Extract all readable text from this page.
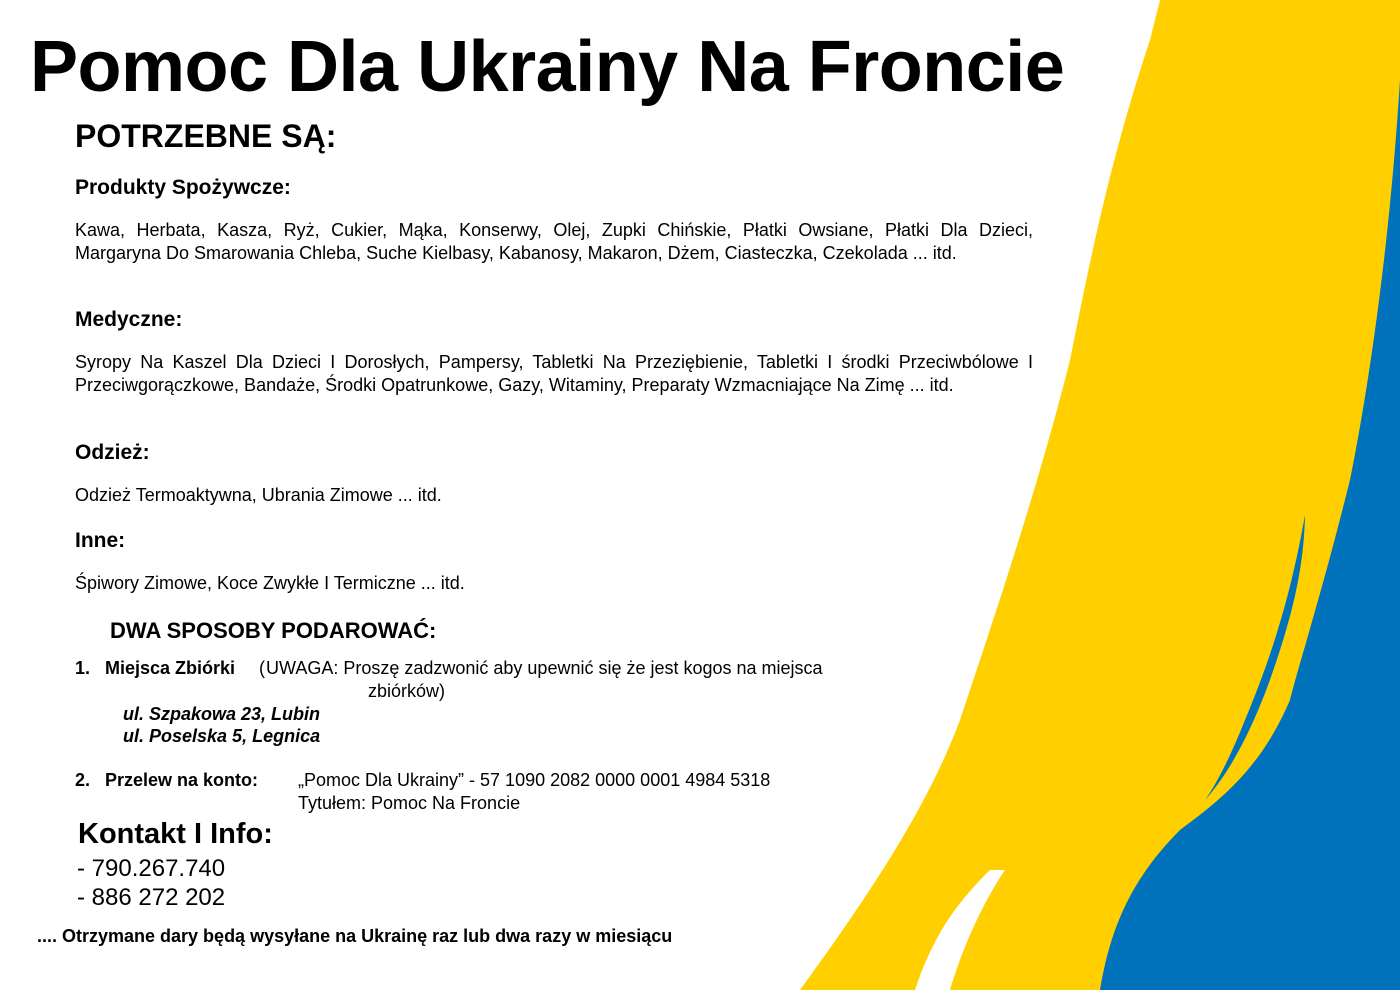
Pomoc Dla Ukrainy Na Froncie
POTRZEBNE SĄ:
Produkty Spożywcze:

Kawa, Herbata, Kasza, Ryż, Cukier, Mąka, Konserwy, Olej, Zupki Chińskie, Płatki Owsiane, Płatki Dla Dzieci, Margaryna Do Smarowania Chleba, Suche Kielbasy, Kabanosy, Makaron, Dżem, Ciasteczka, Czekolada ... itd.

Medyczne:

Syropy Na Kaszel Dla Dzieci I Dorosłych, Pampersy, Tabletki Na Przeziębienie, Tabletki I środki Przeciwbólowe I Przeciwgorączkowe, Bandaże, Środki Opatrunkowe, Gazy, Witaminy, Preparaty Wzmacniające Na Zimę ... itd.

Odzież:
Odzież Termoaktywna, Ubrania Zimowe ... itd.
Inne:
Śpiwory Zimowe, Koce Zwykłe I Termiczne ... itd.
DWA SPOSOBY PODAROWAĆ:
1. Miejsca Zbiórki ( UWAGA: Proszę zadzwonić aby upewnić się że jest kogos na miejsca
zbiórków)
ul. Szpakowa 23, Lubin
ul. Poselska 5, Legnica
2. Przelew na konto: „Pomoc Dla Ukrainy” - 57 1090 2082 0000 0001 4984 5318
Tytułem: Pomoc Na Froncie
Kontakt I Info:
- 790.267.740
- 886 272 202
.... Otrzymane dary będą wysyłane na Ukrainę raz lub dwa razy w miesiącu
